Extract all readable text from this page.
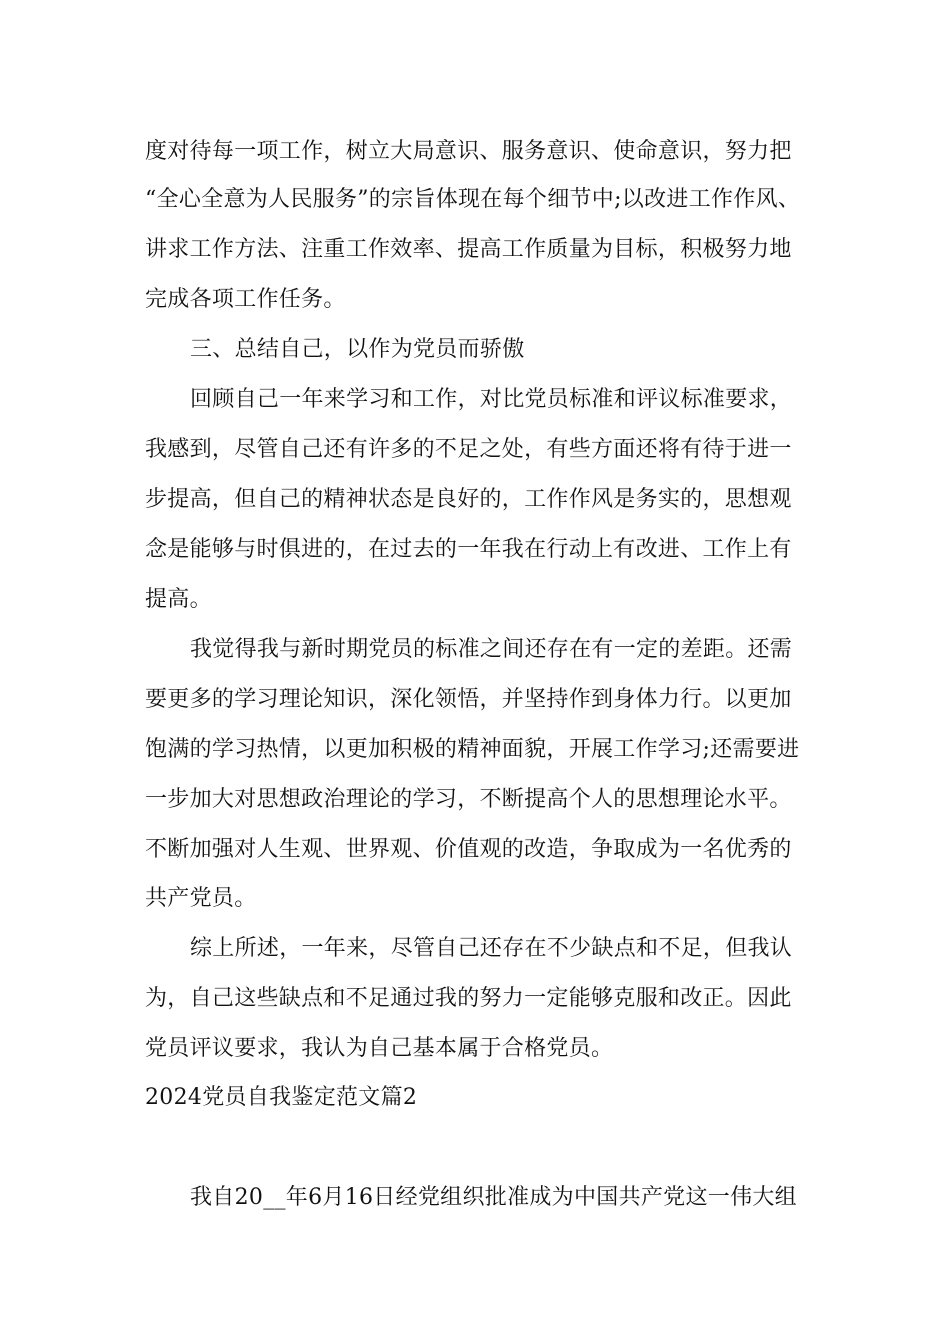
度对待每一项工作，树立大局意识、服务意识、使命意识，努力把
“全心全意为人民服务”的宗旨体现在每个细节中;以改进工作作风、
讲求工作方法、注重工作效率、提高工作质量为目标，积极努力地
完成各项工作任务。
三、总结自己，以作为党员而骄傲
回顾自己一年来学习和工作，对比党员标准和评议标准要求，
我感到，尽管自己还有许多的不足之处，有些方面还将有待于进一
步提高，但自己的精神状态是良好的，工作作风是务实的，思想观
念是能够与时俱进的，在过去的一年我在行动上有改进、工作上有
提高。
我觉得我与新时期党员的标准之间还存在有一定的差距。还需
要更多的学习理论知识，深化领悟，并坚持作到身体力行。以更加
饱满的学习热情，以更加积极的精神面貌，开展工作学习;还需要进
一步加大对思想政治理论的学习，不断提高个人的思想理论水平。
不断加强对人生观、世界观、价值观的改造，争取成为一名优秀的
共产党员。
综上所述，一年来，尽管自己还存在不少缺点和不足，但我认
为，自己这些缺点和不足通过我的努力一定能够克服和改正。因此
党员评议要求，我认为自己基本属于合格党员。
2024党员自我鉴定范文篇2
我自20__年6月16日经党组织批准成为中国共产党这一伟大组
